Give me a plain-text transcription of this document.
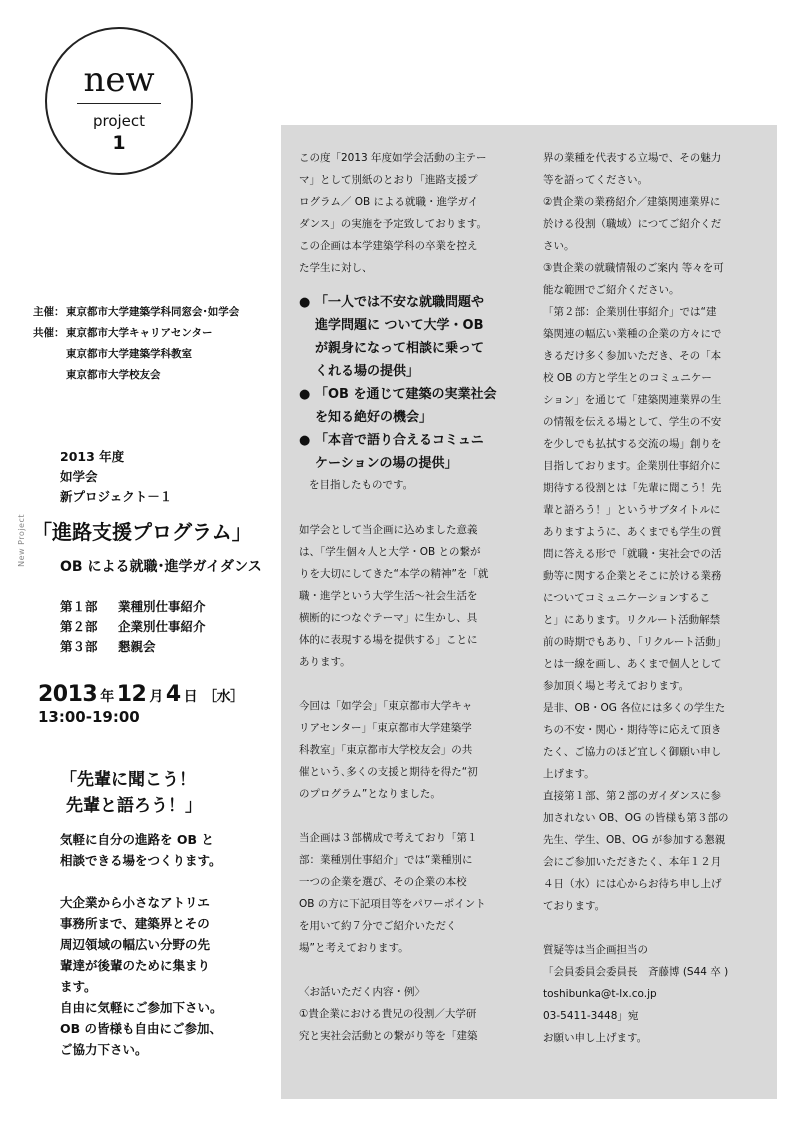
new
project
1
主催： 東京都市大学建築学科同窓会･如学会
共催： 東京都市大学キャリアセンター
東京都市大学建築学科教室
東京都市大学校友会
New Project
2013 年度
如学会
新プロジェクト－１
「進路支援プログラム」
OB による就職･進学ガイダンス
第１部 業種別仕事紹介
第２部 企業別仕事紹介
第３部 懇親会
2013 年 12 月 4 日 ［水］
13:00-19:00
「先輩に聞こう！
先輩と語ろう！」

気軽に自分の進路を OB と
相談できる場をつくります。

大企業から小さなアトリエ
事務所まで、建築界とその
周辺領域の幅広い分野の先
輩達が後輩のために集まり
ます。
自由に気軽にご参加下さい。
OB の皆様も自由にご参加、
ご協力下さい。

この度「2013 年度如学会活動の主テー
マ」として別紙のとおり「進路支援プ
ログラム／ OB による就職・進学ガイ
ダンス」の実施を予定致しております。
この企画は本学建築学科の卒業を控え
た学生に対し、

● 「一人では不安な就職問題や
進学問題に ついて大学・OB
が親身になって相談に乗って
くれる場の提供」
● 「OB を通じて建築の実業社会
を知る絶好の機会」
● 「本音で語り合えるコミュニ
ケーションの場の提供」
を目指したものです。

如学会として当企画に込めました意義
は、「学生個々人と大学・OB との繋が
りを大切にしてきた“本学の精神”を「就
職・進学という大学生活～社会生活を
横断的につなぐテーマ」に生かし、具
体的に表現する場を提供する」ことに
あります。

今回は「如学会」「東京都市大学キャ
リアセンター」「東京都市大学建築学
科教室」「東京都市大学校友会」の共
催という､多くの支援と期待を得た“初
のプログラム”となりました。

当企画は３部構成で考えており「第１
部：業種別仕事紹介」では“業種別に
一つの企業を選び、その企業の本校
OB の方に下記項目等をパワーポイント
を用いて約７分でご紹介いただく
場”と考えております。

〈お話いただく内容・例〉
①貴企業における貴兄の役割／大学研
究と実社会活動との繋がり等を「建築

界の業種を代表する立場で、その魅力
等を語ってください。
②貴企業の業務紹介／建築関連業界に
於ける役割（職域）につてご紹介くだ
さい。
③貴企業の就職情報のご案内 等々を可
能な範囲でご紹介ください。
「第２部：企業別仕事紹介」では“建
築関連の幅広い業種の企業の方々にで
きるだけ多く参加いただき、その「本
校 OB の方と学生とのコミュニケー
ション」を通じて「建築関連業界の生
の情報を伝える場として、学生の不安
を少しでも払拭する交流の場」創りを
目指しております。企業別仕事紹介に
期待する役割とは「先輩に聞こう！先
輩と語ろう！」というサブタイトルに
ありますように、あくまでも学生の質
問に答える形で「就職・実社会での活
動等に関する企業とそこに於ける業務
についてコミュニケーションするこ
と」にあります。リクルート活動解禁
前の時期でもあり、「リクルート活動」
とは一線を画し、あくまで個人として
参加頂く場と考えております。
是非、OB・OG 各位には多くの学生た
ちの不安・関心・期待等に応えて頂き
たく、ご協力のほど宜しく御願い申し
上げます。
直接第１部、第２部のガイダンスに参
加されない OB、OG の皆様も第３部の
先生、学生、OB、OG が参加する懇親
会にご参加いただきたく、本年１２月
４日（水）には心からお待ち申し上げ
ております。

質疑等は当企画担当の
「会員委員会委員長　斉藤博 (S44 卒 )
toshibunka@t-lx.co.jp
03-5411-3448」宛
お願い申し上げます。
